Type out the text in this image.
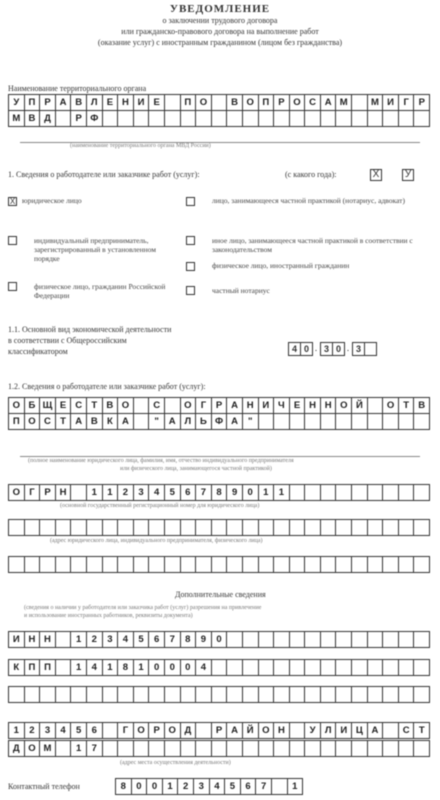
УВЕДОМЛЕНИЕ
о заключении трудового договора
или гражданско-правового договора на выполнение работ
(оказание услуг) с иностранным гражданином (лицом без гражданства)
Наименование территориального органа
У П Р А В Л Е Н И Е	П О	В О П Р О С А М	М И Г	Р
М В Д	Р Ф
(наименование территориального органа МВД России)
1. Сведения о работодателе или заказчике работ (услуг):	(с какого года):	X	У
X юридическое лицо
индивидуальный предприниматель, зарегистрированный в установленном порядке
физическое лицо, гражданин Российской Федерации
лицо, занимающееся частной практикой (нотариус, адвокат)
иное лицо, занимающееся частной практикой в соответствии с законодательством
физическое лицо, иностранный гражданин
частный нотариус
1.1. Основной вид экономической деятельности
в соответствии с Общероссийским
классификатором	4 0 . 3 0 . 3
1.2. Сведения о работодателе или заказчике работ (услуг):
О Б Щ Е С Т В О	С	О Г	Р А Н И Ч Е Н Н О Й	О Т В
П О С Т А В К А	"	А Л Ь Ф А	"
(полное наименование юридического лица, фамилия, имя, отчество индивидуального предпринимателя
или физического лица, занимающегося частной практикой)
О Г	Р Н	1	1	2	3	4	5	6	7	8	9	0	1	1
(основной государственный регистрационный номер для юридического лица)
(адрес юридического лица, индивидуального предпринимателя, физического лица)
Дополнительные сведения
(сведения о наличии у работодателя или заказчика работ (услуг) разрешения на привлечение
и использование иностранных работников, реквизиты документа)
И Н Н	1	2	3	4	5	6	7	8	9	0
К П П	1	4	1	8	1	0	0	0	4
1	2	3	4	5	6	Г О Р О Д	Р А Й О Н	У Л И Ц А	С Т
Д О М	1	7
(адрес места осуществления деятельности)
Контактный телефон	8	0	0	1	2	3	4	5	6	7	1
